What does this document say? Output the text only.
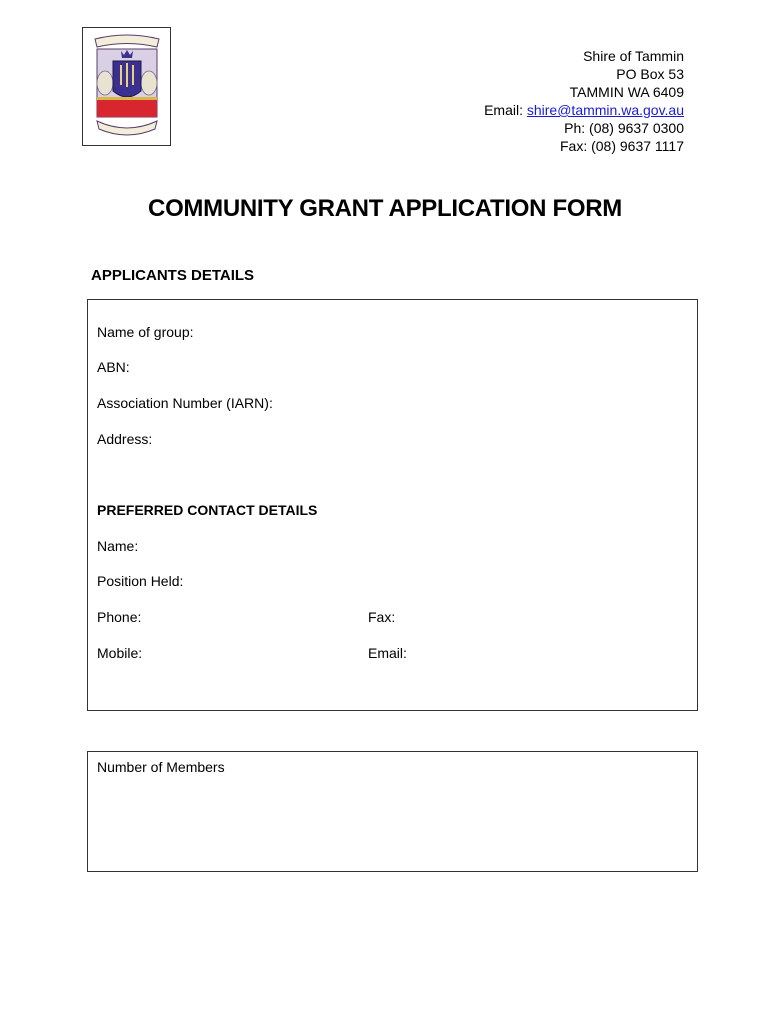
Shire of Tammin
PO Box 53
TAMMIN WA 6409
Email: shire@tammin.wa.gov.au
Ph: (08) 9637 0300
Fax: (08) 9637 1117
COMMUNITY GRANT APPLICATION FORM
APPLICANTS DETAILS
Name of group:
ABN:
Association Number (IARN):
Address:
PREFERRED CONTACT DETAILS
Name:
Position Held:
Phone:	Fax:
Mobile:	Email:
Number of Members
